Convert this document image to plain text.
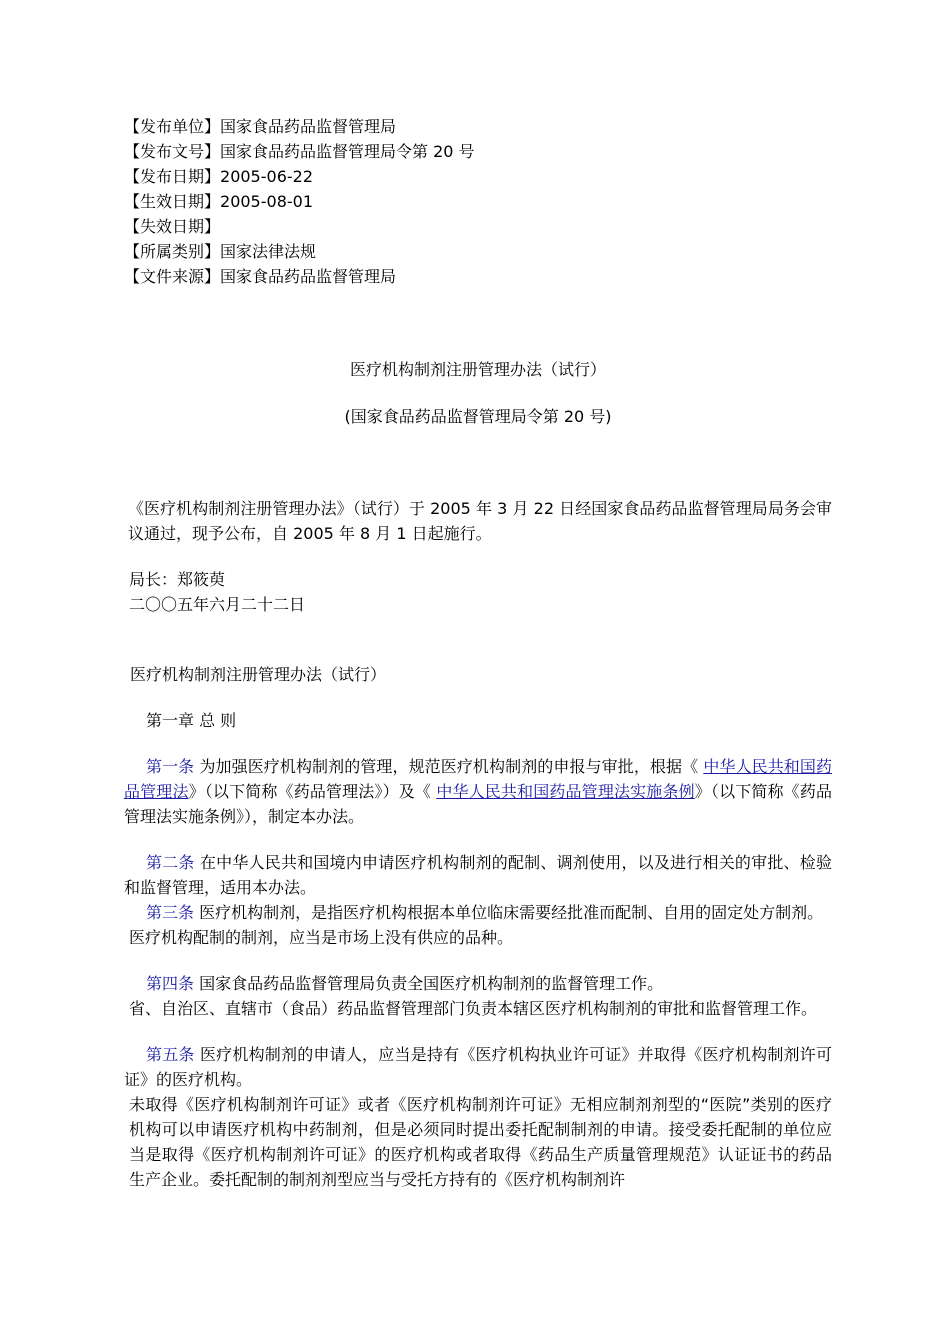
【发布单位】国家食品药品监督管理局
【发布文号】国家食品药品监督管理局令第 20 号
【发布日期】2005-06-22
【生效日期】2005-08-01
【失效日期】
【所属类别】国家法律法规
【文件来源】国家食品药品监督管理局
医疗机构制剂注册管理办法（试行）
(国家食品药品监督管理局令第 20 号)
《医疗机构制剂注册管理办法》（试行）于 2005 年 3 月 22 日经国家食品药品监督管理局局务会审议通过，现予公布，自 2005 年 8 月 1 日起施行。
局长：郑筱萸
二〇〇五年六月二十二日
医疗机构制剂注册管理办法（试行）
第一章 总 则
第一条 为加强医疗机构制剂的管理，规范医疗机构制剂的申报与审批，根据《 中华人民共和国药品管理法》（以下简称《药品管理法》）及《 中华人民共和国药品管理法实施条例》（以下简称《药品管理法实施条例》），制定本办法。
第二条 在中华人民共和国境内申请医疗机构制剂的配制、调剂使用，以及进行相关的审批、检验和监督管理，适用本办法。
第三条 医疗机构制剂，是指医疗机构根据本单位临床需要经批准而配制、自用的固定处方制剂。
医疗机构配制的制剂，应当是市场上没有供应的品种。
第四条 国家食品药品监督管理局负责全国医疗机构制剂的监督管理工作。
省、自治区、直辖市（食品）药品监督管理部门负责本辖区医疗机构制剂的审批和监督管理工作。
第五条 医疗机构制剂的申请人，应当是持有《医疗机构执业许可证》并取得《医疗机构制剂许可证》的医疗机构。
未取得《医疗机构制剂许可证》或者《医疗机构制剂许可证》无相应制剂剂型的“医院”类别的医疗机构可以申请医疗机构中药制剂，但是必须同时提出委托配制制剂的申请。接受委托配制的单位应当是取得《医疗机构制剂许可证》的医疗机构或者取得《药品生产质量管理规范》认证证书的药品生产企业。委托配制的制剂剂型应当与受托方持有的《医疗机构制剂许
